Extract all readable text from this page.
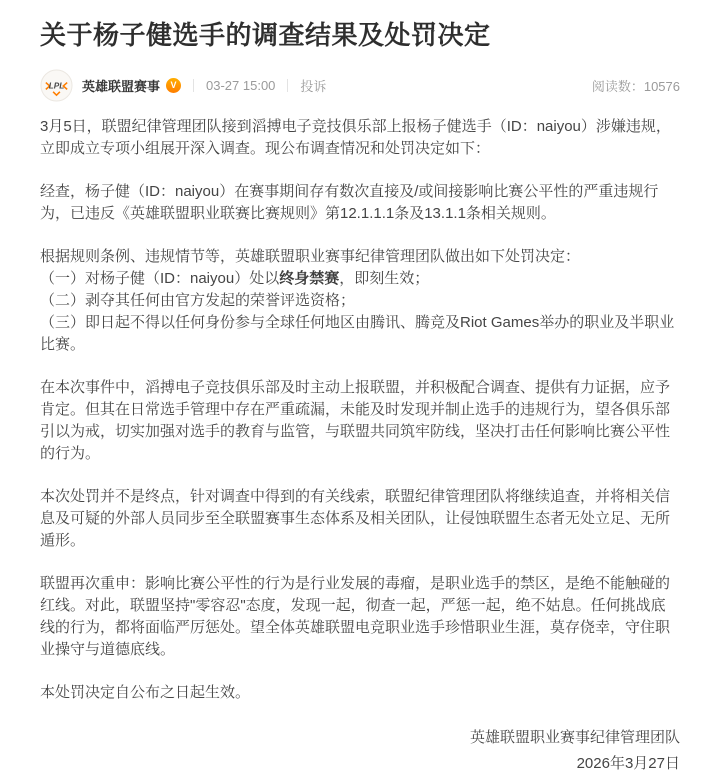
关于杨子健选手的调查结果及处罚决定
LPL 英雄联盟赛事	V	03-27 15:00 投诉	阅读数：10576

3月5日，联盟纪律管理团队接到滔搏电子竞技俱乐部上报杨子健选手（ID：naiyou）涉嫌违规，立即成立专项小组展开深入调查。现公布调查情况和处罚决定如下：

经查，杨子健（ID：naiyou）在赛事期间存有数次直接及/或间接影响比赛公平性的严重违规行为，已违反《英雄联盟职业联赛比赛规则》第12.1.1.1条及13.1.1条相关规则。

根据规则条例、违规情节等，英雄联盟职业赛事纪律管理团队做出如下处罚决定：

（一）对杨子健（ID：naiyou）处以终身禁赛，即刻生效；

（二）剥夺其任何由官方发起的荣誉评选资格；

（三）即日起不得以任何身份参与全球任何地区由腾讯、腾竞及Riot Games举办的职业及半职业比赛。

在本次事件中，滔搏电子竞技俱乐部及时主动上报联盟，并积极配合调查、提供有力证据，应予肯定。但其在日常选手管理中存在严重疏漏，未能及时发现并制止选手的违规行为，望各俱乐部引以为戒，切实加强对选手的教育与监管，与联盟共同筑牢防线，坚决打击任何影响比赛公平性的行为。

本次处罚并不是终点，针对调查中得到的有关线索，联盟纪律管理团队将继续追查，并将相关信息及可疑的外部人员同步至全联盟赛事生态体系及相关团队，让侵蚀联盟生态者无处立足、无所遁形。

联盟再次重申：影响比赛公平性的行为是行业发展的毒瘤，是职业选手的禁区，是绝不能触碰的红线。对此，联盟坚持"零容忍"态度，发现一起，彻查一起，严惩一起，绝不姑息。任何挑战底线的行为，都将面临严厉惩处。望全体英雄联盟电竞职业选手珍惜职业生涯，莫存侥幸，守住职业操守与道德底线。

本处罚决定自公布之日起生效。

英雄联盟职业赛事纪律管理团队
2026年3月27日
